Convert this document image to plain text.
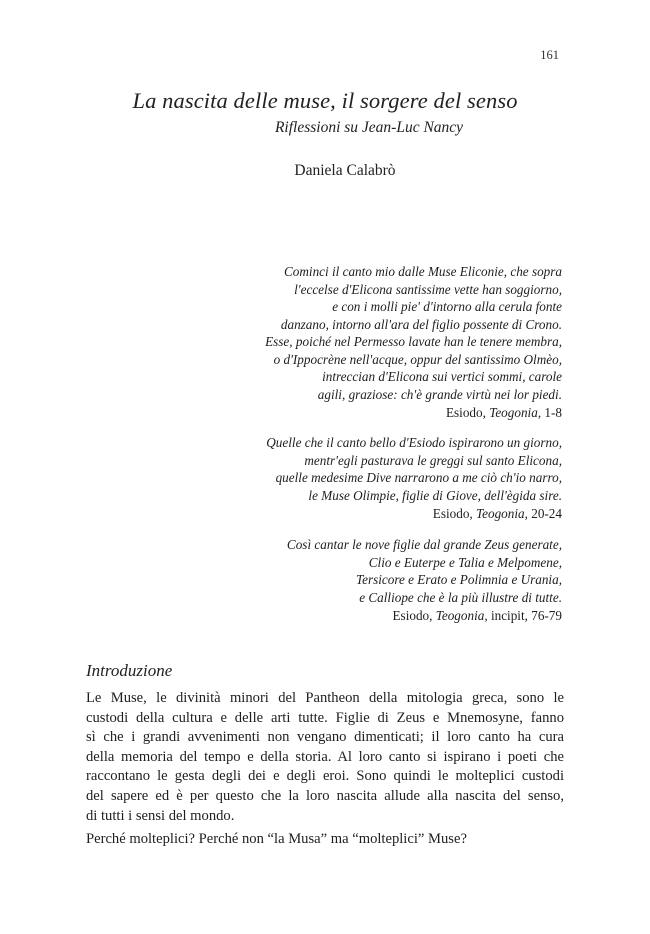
161
La nascita delle muse, il sorgere del senso
Riflessioni su Jean-Luc Nancy
Daniela Calabrò

Cominci il canto mio dalle Muse Eliconie, che sopra

l'eccelse d'Elicona santissime vette han soggiorno,

e con i molli pie' d'intorno alla cerula fonte

danzano, intorno all'ara del figlio possente di Crono.

Esse, poiché nel Permesso lavate han le tenere membra,

o d'Ippocrène nell'acque, oppur del santissimo Olmèo,

intreccian d'Elicona sui vertici sommi, carole

agili, graziose: ch'è grande virtù nei lor piedi.

Esiodo, Teogonia, 1-8

Quelle che il canto bello d'Esiodo ispirarono un giorno,

mentr'egli pasturava le greggi sul santo Elicona,

quelle medesime Dive narrarono a me ciò ch'io narro,

le Muse Olimpie, figlie di Giove, dell'ègida sire.

Esiodo, Teogonia, 20-24

Così cantar le nove figlie dal grande Zeus generate,

Clio e Euterpe e Talia e Melpomene,

Tersicore e Erato e Polimnia e Urania,

e Calliope che è la più illustre di tutte.

Esiodo, Teogonia, incipit, 76-79
Introduzione
Le Muse, le divinità minori del Pantheon della mitologia greca, sono le
custodi della cultura e delle arti tutte. Figlie di Zeus e Mnemosyne, fanno
sì che i grandi avvenimenti non vengano dimenticati; il loro canto ha cura
della memoria del tempo e della storia. Al loro canto si ispirano i poeti che
raccontano le gesta degli dei e degli eroi. Sono quindi le molteplici custodi
del sapere ed è per questo che la loro nascita allude alla nascita del senso,
di tutti i sensi del mondo.
Perché molteplici? Perché non “la Musa” ma “molteplici” Muse?
